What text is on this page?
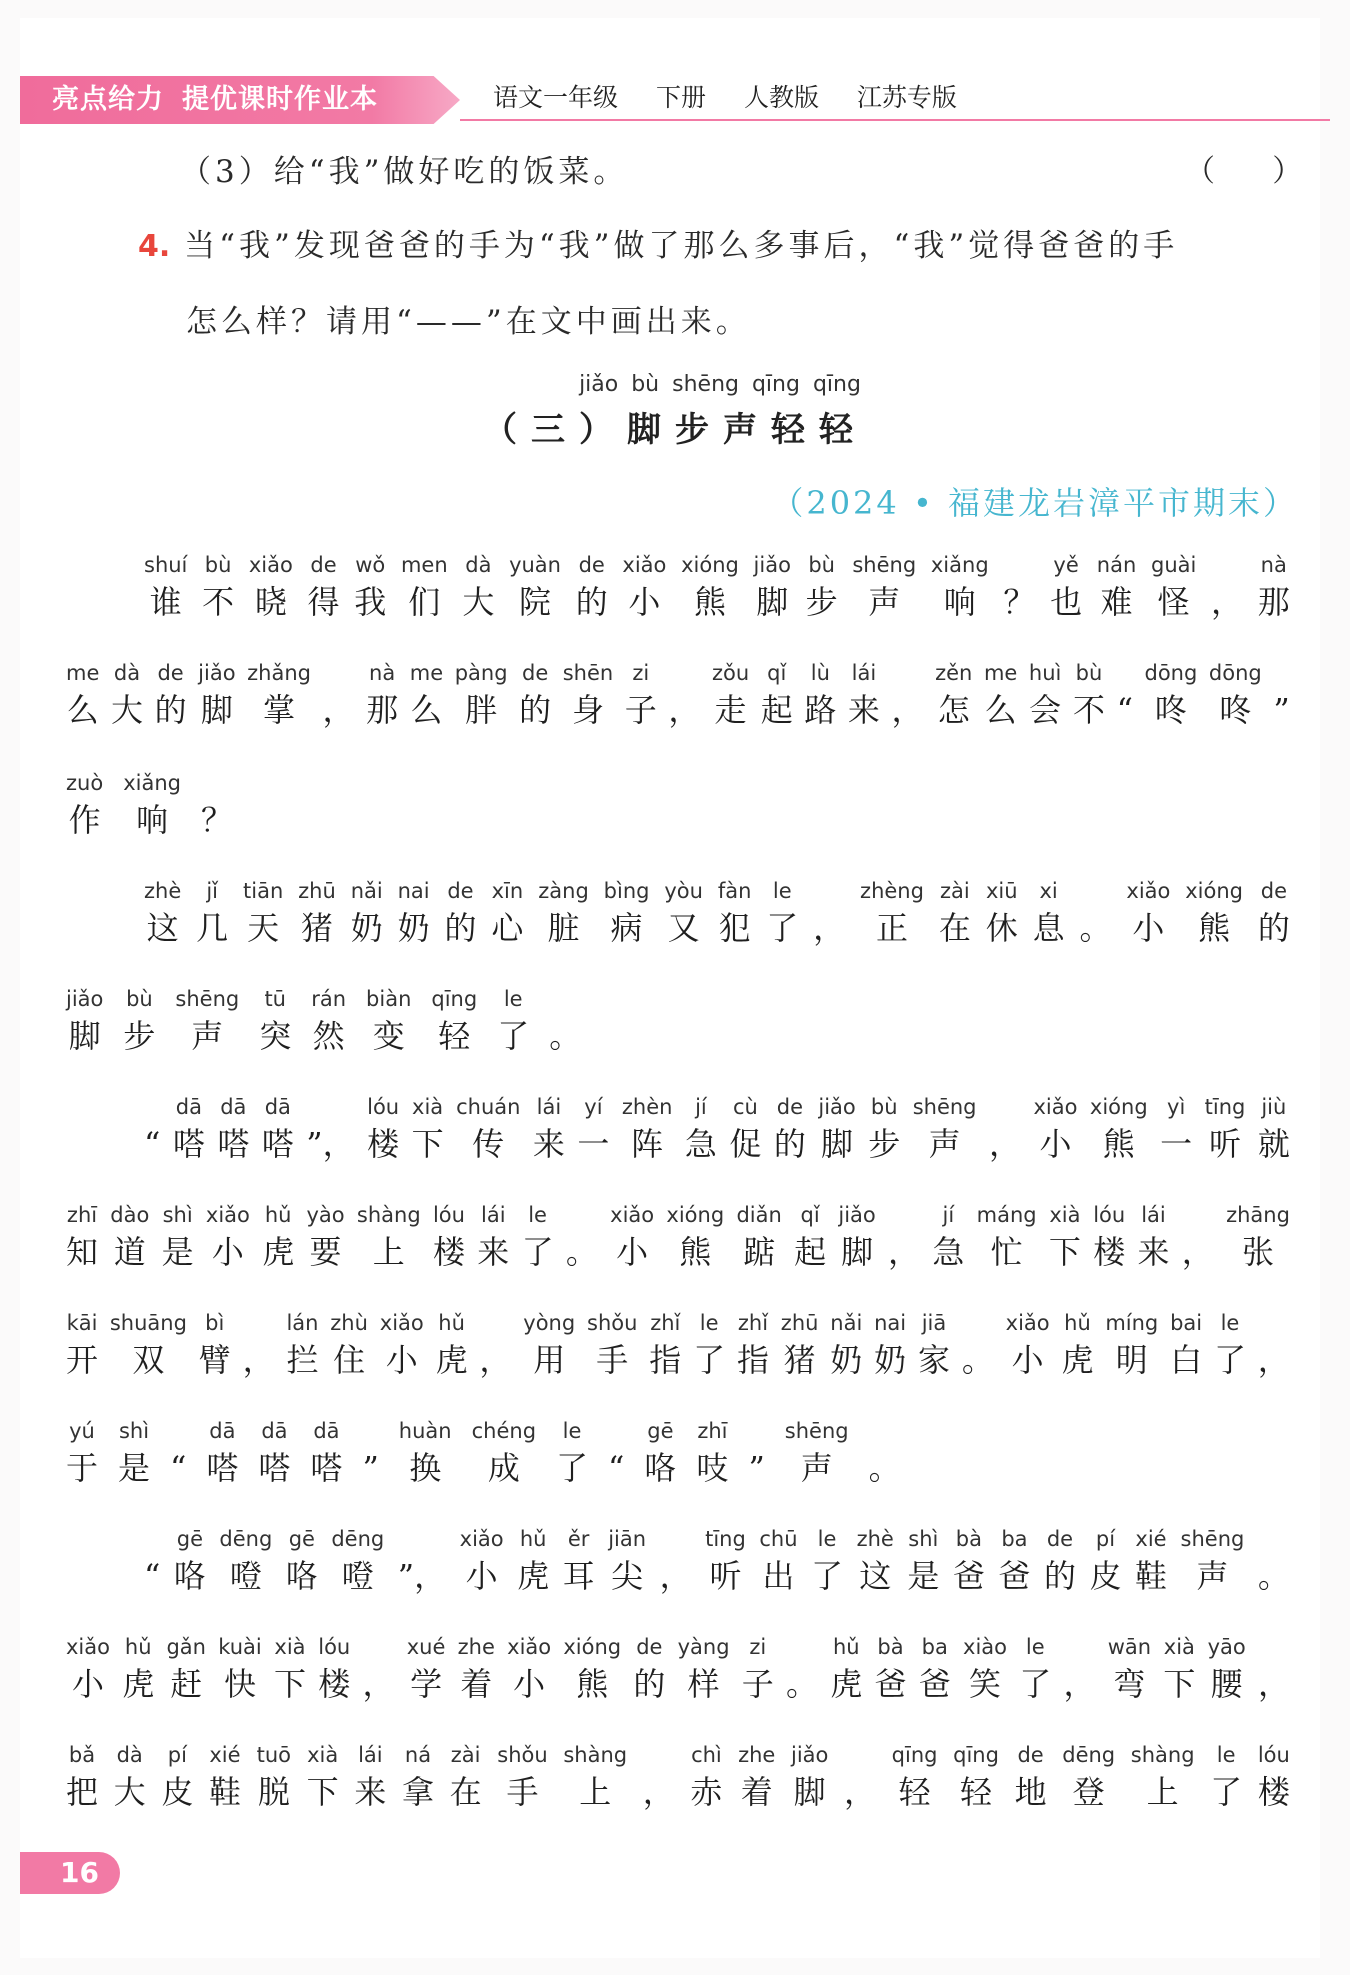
亮点给力 提优课时作业本	语文一年级 下册 人教版 江苏专版
（3）给“我”做好吃的饭菜。	（      ）
4. 当“我”发现爸爸的手为“我”做了那么多事后，“我”觉得爸爸的手
怎么样？请用“——”在文中画出来。
jiǎo bù shēng qīng qīng
（三）脚步声轻轻
（2024 • 福建龙岩漳平市期末）
shuí
谁
bù
不
xiǎo
晓
de
得
wǒ
我
men
们
dà
大
yuàn
院
de
的
xiǎo
小
xióng
熊
jiǎo
脚
bù
步
shēng
声
xiǎng
响 ？
yě
也
nán
难
guài
怪 ，
nà
那
me
么
dà
大
de
的
jiǎo
脚
zhǎng
掌 ，
nà
那
me
么
pàng
胖
de
的
shēn
身
zi
子 ，
zǒu
走
qǐ
起
lù
路
lái
来 ，
zěn
怎
me
么
huì
会
bù
不 “
dōng
咚
dōng
咚 ”
zuò
作
xiǎng
响 ？
zhè
这
jǐ
几
tiān
天
zhū
猪
nǎi
奶
nai
奶
de
的
xīn
心
zàng
脏
bìng
病
yòu
又
fàn
犯
le
了 ，
zhèng
正
zài
在
xiū
休
xi
息 。
xiǎo
小
xióng
熊
de
的
jiǎo
脚
bù
步
shēng
声
tū
突
rán
然
biàn
变
qīng
轻
le
了 。
“
dā
嗒
dā
嗒
dā
嗒 ”，
lóu
楼
xià
下
chuán
传
lái
来
yí
一
zhèn
阵
jí
急
cù
促
de
的
jiǎo
脚
bù
步
shēng
声 ，
xiǎo
小
xióng
熊
yì
一
tīng
听
jiù
就
zhī
知
dào
道
shì
是
xiǎo
小
hǔ
虎
yào
要
shàng
上
lóu
楼
lái
来
le
了 。
xiǎo
小
xióng
熊
diǎn
踮
qǐ
起
jiǎo
脚 ，
jí
急
máng
忙
xià
下
lóu
楼
lái
来 ，
zhāng
张
kāi
开
shuāng
双
bì
臂 ，
lán
拦
zhù
住
xiǎo
小
hǔ
虎 ，
yòng
用
shǒu
手
zhǐ
指
le
了
zhǐ
指
zhū
猪
nǎi
奶
nai
奶
jiā
家 。
xiǎo
小
hǔ
虎
míng
明
bai
白
le
了 ，
yú
于
shì
是 “
dā
嗒
dā
嗒
dā
嗒 ”
huàn
换
chéng
成
le
了 “
gē
咯
zhī
吱 ”
shēng
声 。
“
gē
咯
dēng
噔
gē
咯
dēng
噔 ”，
xiǎo
小
hǔ
虎
ěr
耳
jiān
尖 ，
tīng
听
chū
出
le
了
zhè
这
shì
是
bà
爸
ba
爸
de
的
pí
皮
xié
鞋
shēng
声 。
xiǎo
小
hǔ
虎
gǎn
赶
kuài
快
xià
下
lóu
楼 ，
xué
学
zhe
着
xiǎo
小
xióng
熊
de
的
yàng
样
zi
子 。
hǔ
虎
bà
爸
ba
爸
xiào
笑
le
了 ，
wān
弯
xià
下
yāo
腰 ，
bǎ
把
dà
大
pí
皮
xié
鞋
tuō
脱
xià
下
lái
来
ná
拿
zài
在
shǒu
手
shàng
上 ，
chì
赤
zhe
着
jiǎo
脚 ，
qīng
轻
qīng
轻
de
地
dēng
登
shàng
上
le
了
lóu
楼
16
